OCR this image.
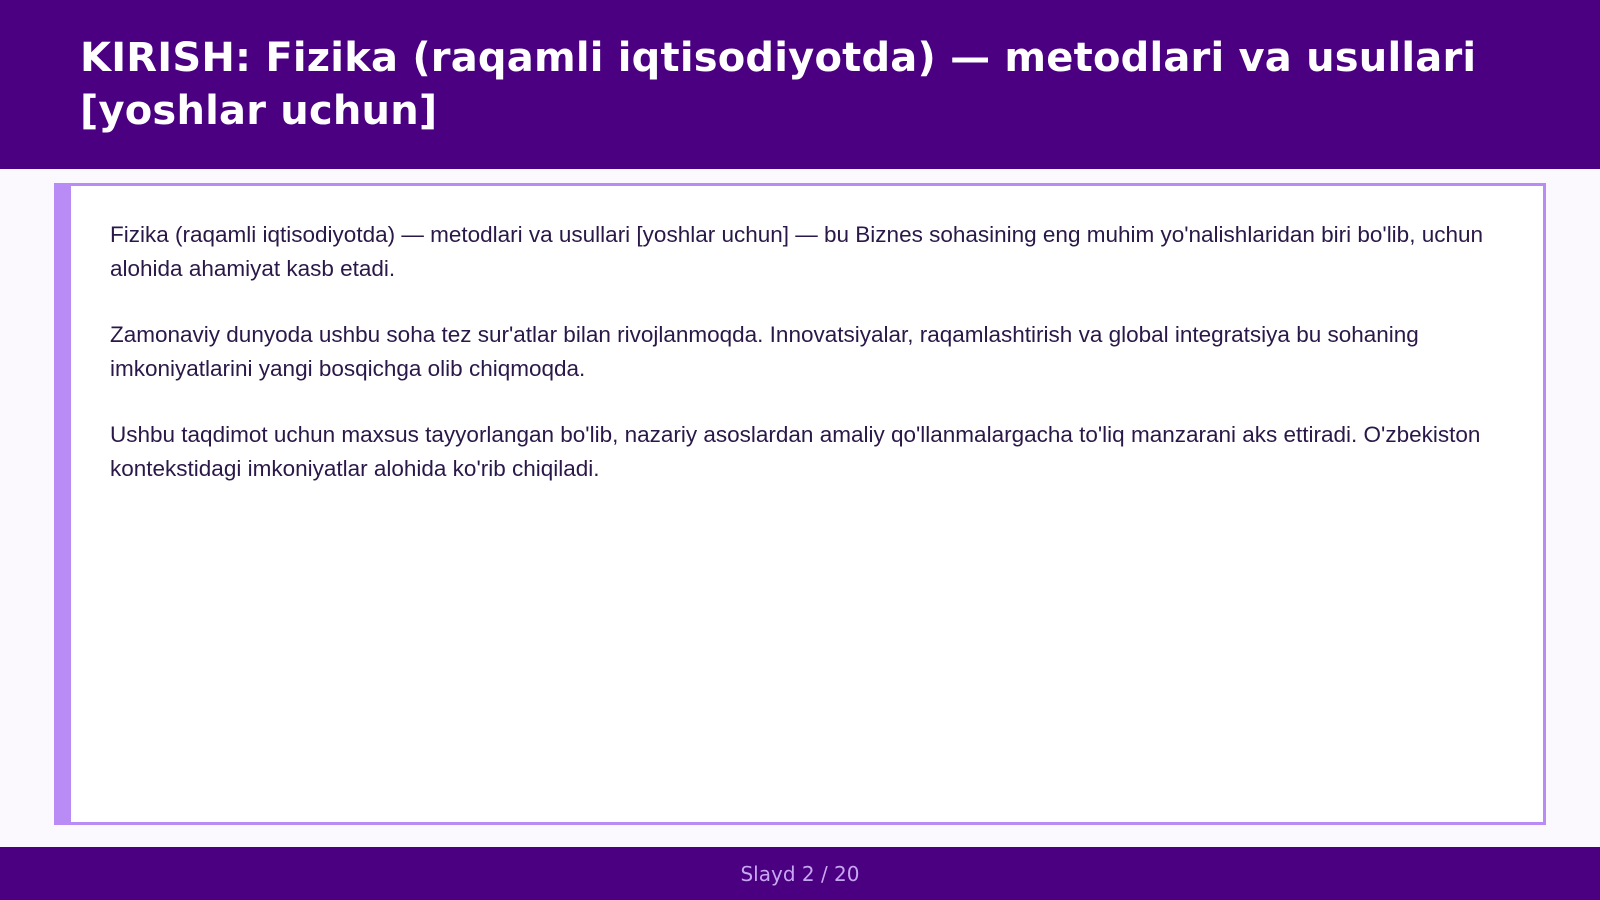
KIRISH: Fizika (raqamli iqtisodiyotda) — metodlari va usullari [yoshlar uchun]

Fizika (raqamli iqtisodiyotda) — metodlari va usullari [yoshlar uchun] — bu Biznes sohasining eng muhim yo'nalishlaridan biri bo'lib, uchun alohida ahamiyat kasb etadi.

Zamonaviy dunyoda ushbu soha tez sur'atlar bilan rivojlanmoqda. Innovatsiyalar, raqamlashtirish va global integratsiya bu sohaning imkoniyatlarini yangi bosqichga olib chiqmoqda.

Ushbu taqdimot uchun maxsus tayyorlangan bo'lib, nazariy asoslardan amaliy qo'llanmalargacha to'liq manzarani aks ettiradi. O'zbekiston kontekstidagi imkoniyatlar alohida ko'rib chiqiladi.

Slayd 2 / 20
